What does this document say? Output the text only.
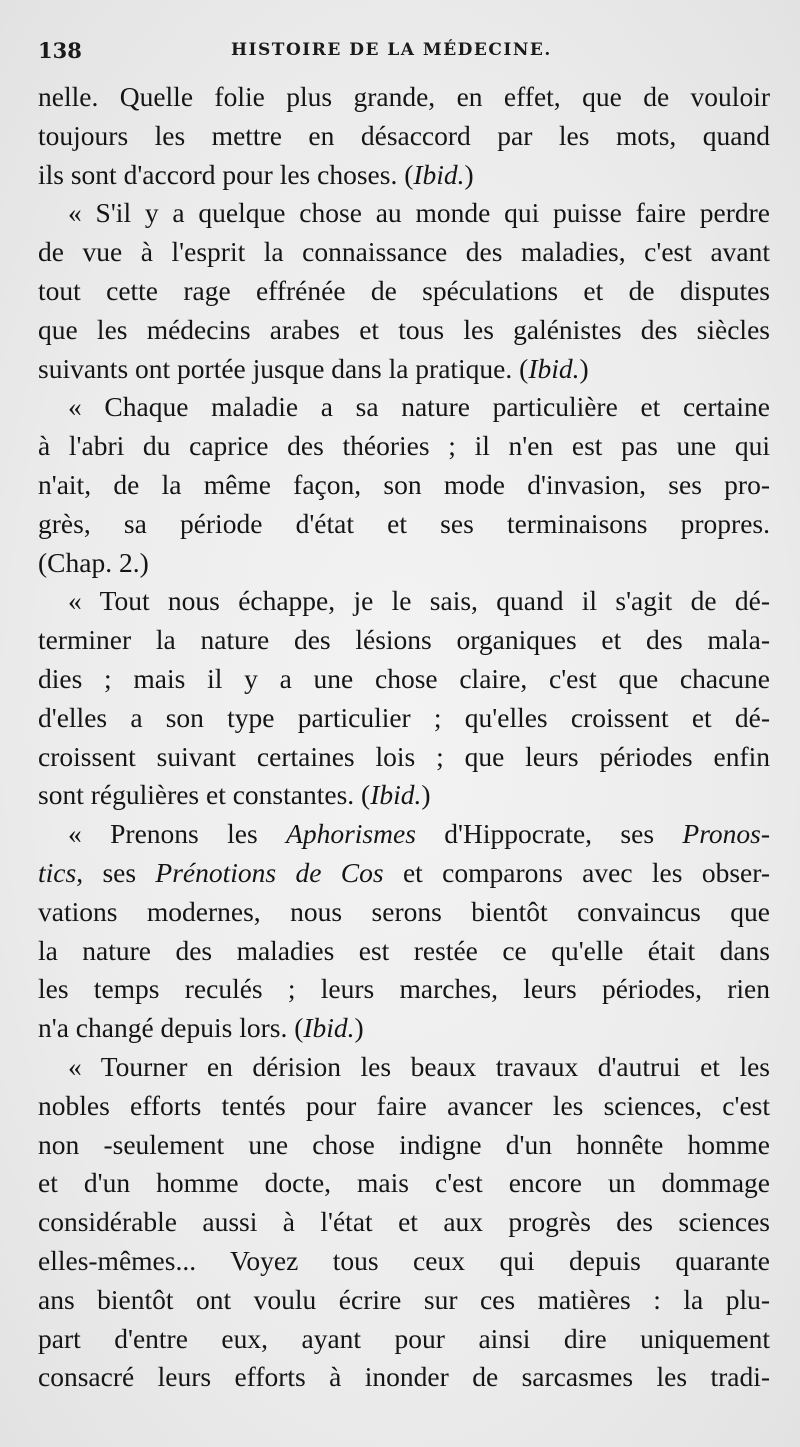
138	HISTOIRE DE LA MÉDECINE.
nelle. Quelle folie plus grande, en effet, que de vouloir
toujours les mettre en désaccord par les mots, quand
ils sont d'accord pour les choses. (Ibid.)
« S'il y a quelque chose au monde qui puisse faire perdre
de vue à l'esprit la connaissance des maladies, c'est avant
tout cette rage effrénée de spéculations et de disputes
que les médecins arabes et tous les galénistes des siècles
suivants ont portée jusque dans la pratique. (Ibid.)
« Chaque maladie a sa nature particulière et certaine
à l'abri du caprice des théories ; il n'en est pas une qui
n'ait, de la même façon, son mode d'invasion, ses pro-
grès, sa période d'état et ses terminaisons propres.
(Chap. 2.)
« Tout nous échappe, je le sais, quand il s'agit de dé-
terminer la nature des lésions organiques et des mala-
dies ; mais il y a une chose claire, c'est que chacune
d'elles a son type particulier ; qu'elles croissent et dé-
croissent suivant certaines lois ; que leurs périodes enfin
sont régulières et constantes. (Ibid.)
« Prenons les Aphorismes d'Hippocrate, ses Pronos-
tics, ses Prénotions de Cos et comparons avec les obser-
vations modernes, nous serons bientôt convaincus que
la nature des maladies est restée ce qu'elle était dans
les temps reculés ; leurs marches, leurs périodes, rien
n'a changé depuis lors. (Ibid.)
« Tourner en dérision les beaux travaux d'autrui et les
nobles efforts tentés pour faire avancer les sciences, c'est
non -seulement une chose indigne d'un honnête homme
et d'un homme docte, mais c'est encore un dommage
considérable aussi à l'état et aux progrès des sciences
elles-mêmes... Voyez tous ceux qui depuis quarante
ans bientôt ont voulu écrire sur ces matières : la plu-
part d'entre eux, ayant pour ainsi dire uniquement
consacré leurs efforts à inonder de sarcasmes les tradi-
